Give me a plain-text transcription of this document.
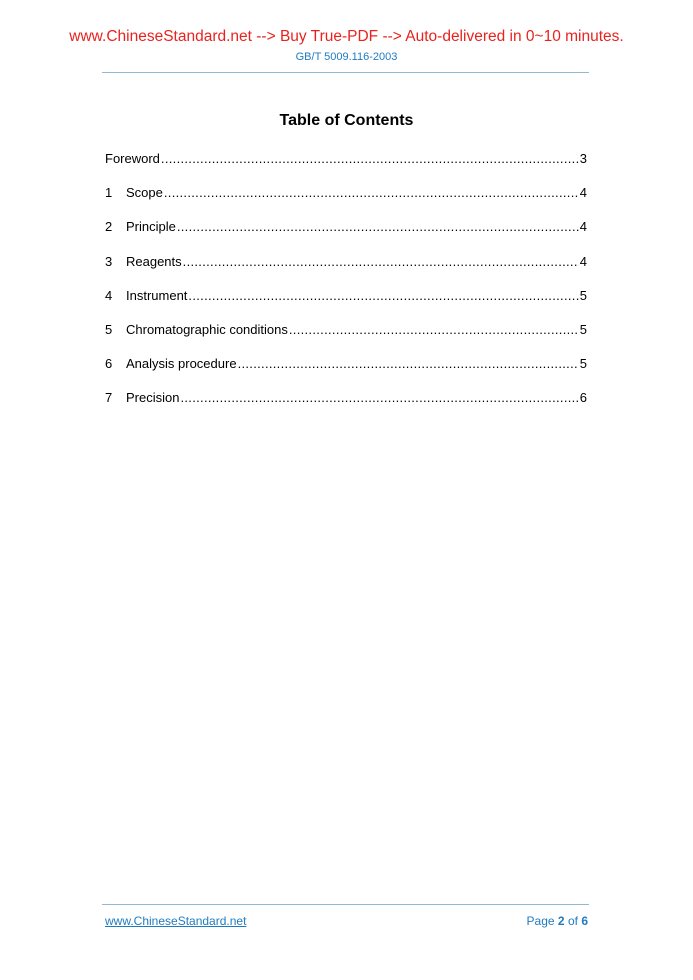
www.ChineseStandard.net --> Buy True-PDF --> Auto-delivered in 0~10 minutes.
GB/T 5009.116-2003
Table of Contents
Foreword .....	3
1	Scope .....	4
2	Principle .....	4
3	Reagents .....	4
4	Instrument .....	5
5	Chromatographic conditions .....	5
6	Analysis procedure .....	5
7	Precision .....	6
www.ChineseStandard.net	Page 2 of 6
